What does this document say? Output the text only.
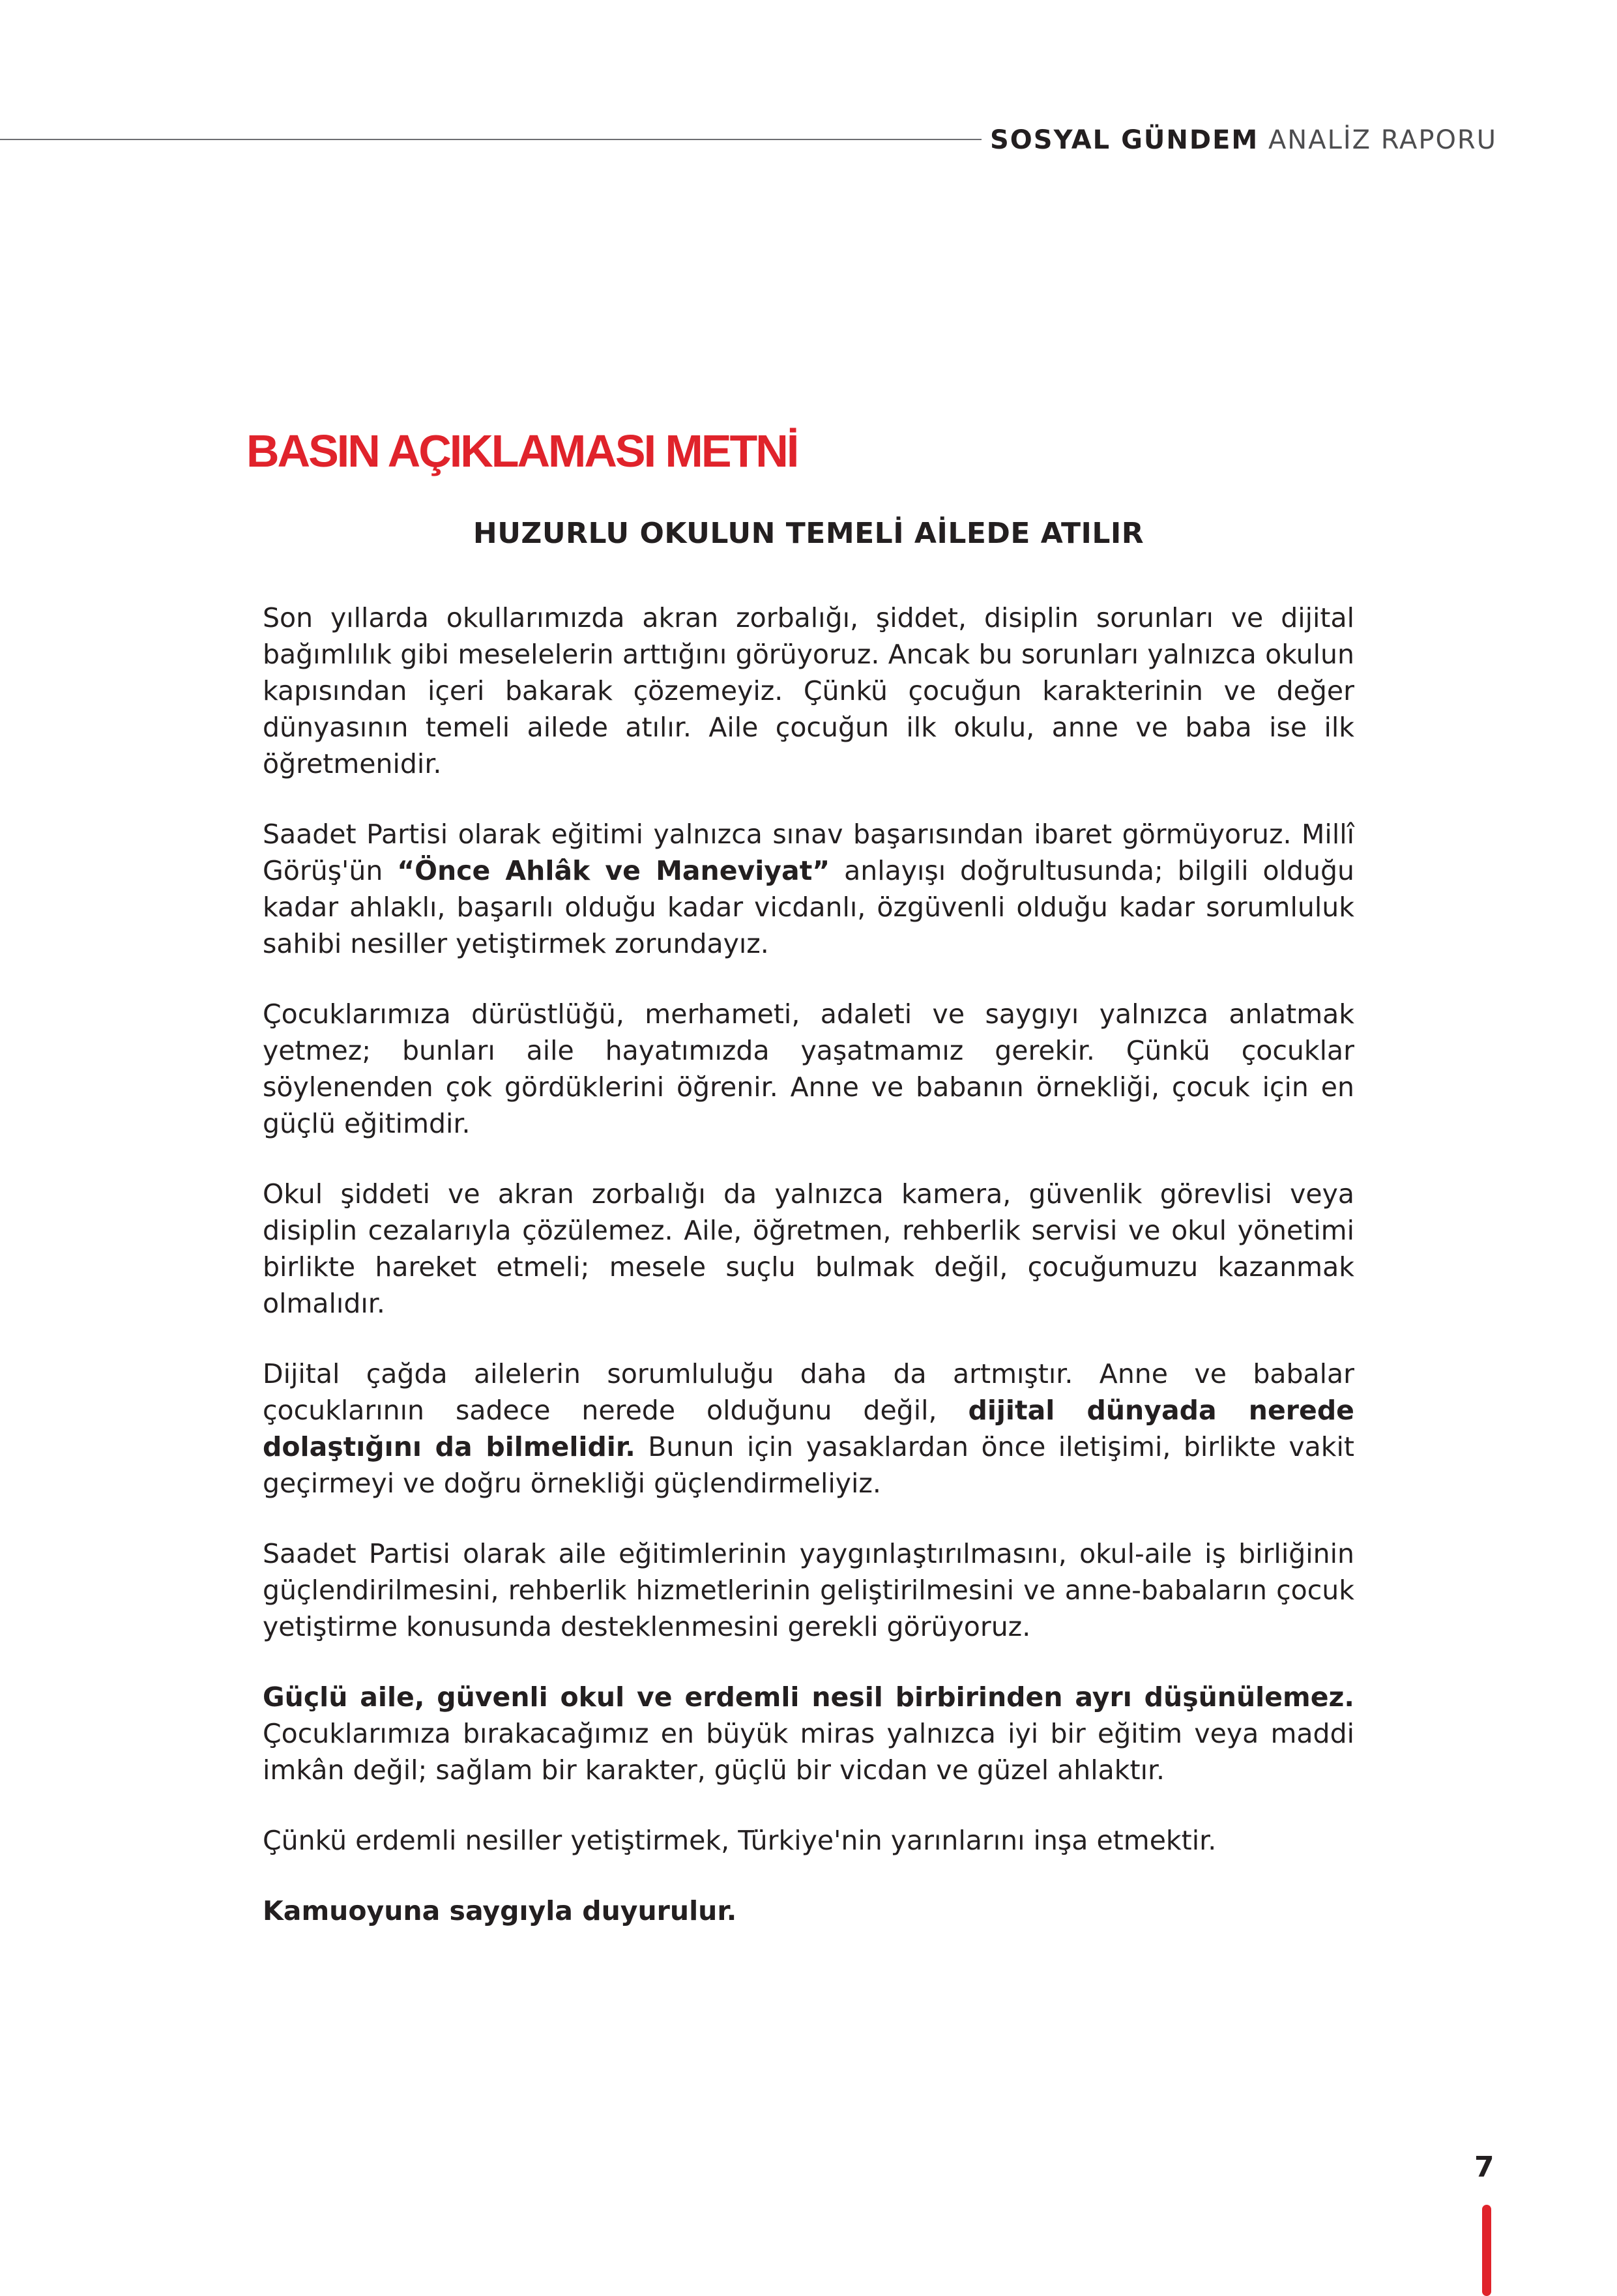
SOSYAL GÜNDEM ANALİZ RAPORU
BASIN AÇIKLAMASI METNİ
HUZURLU OKULUN TEMELİ AİLEDE ATILIR

Son yıllarda okullarımızda akran zorbalığı, şiddet, disiplin sorunları ve dijital bağımlılık gibi meselelerin arttığını görüyoruz. Ancak bu sorunları yalnızca okulun kapısından içeri bakarak çözemeyiz. Çünkü çocuğun karakterinin ve değer dünyasının temeli ailede atılır. Aile çocuğun ilk okulu, anne ve baba ise ilk öğretmenidir.

Saadet Partisi olarak eğitimi yalnızca sınav başarısından ibaret görmüyoruz. Millî Görüş'ün “Önce Ahlâk ve Maneviyat” anlayışı doğrultusunda; bilgili olduğu kadar ahlaklı, başarılı olduğu kadar vicdanlı, özgüvenli olduğu kadar sorumluluk sahibi nesiller yetiştirmek zorundayız.

Çocuklarımıza dürüstlüğü, merhameti, adaleti ve saygıyı yalnızca anlatmak yetmez; bunları aile hayatımızda yaşatmamız gerekir. Çünkü çocuklar söylenenden çok gördüklerini öğrenir. Anne ve babanın örnekliği, çocuk için en güçlü eğitimdir.

Okul şiddeti ve akran zorbalığı da yalnızca kamera, güvenlik görevlisi veya disiplin cezalarıyla çözülemez. Aile, öğretmen, rehberlik servisi ve okul yönetimi birlikte hareket etmeli; mesele suçlu bulmak değil, çocuğumuzu kazanmak olmalıdır.

Dijital çağda ailelerin sorumluluğu daha da artmıştır. Anne ve babalar çocuklarının sadece nerede olduğunu değil, dijital dünyada nerede dolaştığını da bilmelidir. Bunun için yasaklardan önce iletişimi, birlikte vakit geçirmeyi ve doğru örnekliği güçlendirmeliyiz.

Saadet Partisi olarak aile eğitimlerinin yaygınlaştırılmasını, okul-aile iş birliğinin güçlendirilmesini, rehberlik hizmetlerinin geliştirilmesini ve anne-babaların çocuk yetiştirme konusunda desteklenmesini gerekli görüyoruz.

Güçlü aile, güvenli okul ve erdemli nesil birbirinden ayrı düşünülemez. Çocuklarımıza bırakacağımız en büyük miras yalnızca iyi bir eğitim veya maddi imkân değil; sağlam bir karakter, güçlü bir vicdan ve güzel ahlaktır.

Çünkü erdemli nesiller yetiştirmek, Türkiye'nin yarınlarını inşa etmektir.

Kamuoyuna saygıyla duyurulur.

7
